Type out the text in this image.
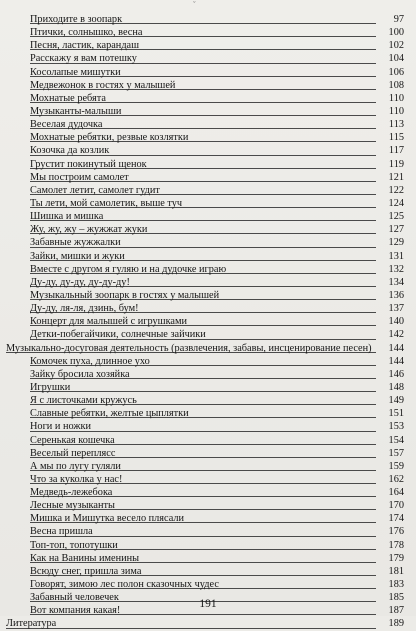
ˇ
Приходите в зоопарк	97
Птички, солнышко, весна	100
Песня, ластик, карандаш	102
Расскажу я вам потешку	104
Косолапые мишутки	106
Медвежонок в гостях у малышей	108
Мохнатые ребята	110
Музыканты-малыши	110
Веселая дудочка	113
Мохнатые ребятки, резвые козлятки	115
Козочка да козлик	117
Грустит покинутый щенок	119
Мы построим самолет	121
Самолет летит, самолет гудит	122
Ты лети, мой самолетик, выше туч	124
Шишка и мишка	125
Жу, жу, жу – жужжат жуки	127
Забавные жужжалки	129
Зайки, мишки и жуки	131
Вместе с другом я гуляю и на дудочке играю	132
Ду-ду, ду-ду, ду-ду-ду!	134
Музыкальный зоопарк в гостях у малышей	136
Ду-ду, ля-ля, дзинь, бум!	137
Концерт для малышей с игрушками	140
Детки-побегайчики, солнечные зайчики	142
Музыкально-досуговая деятельность (развлечения, забавы, инсценирование песен) 144
Комочек пуха, длинное ухо	144
Зайку бросила хозяйка	146
Игрушки	148
Я с листочками кружусь	149
Славные ребятки, желтые цыплятки	151
Ноги и ножки	153
Серенькая кошечка	154
Веселый переплясс	157
А мы по лугу гуляли	159
Что за куколка у нас!	162
Медведь-лежебока	164
Лесные музыканты	170
Мишка и Мишутка весело плясали	174
Весна пришла	176
Топ-топ, топотушки	178
Как на Ванины именины	179
Всюду снег, пришла зима	181
Говорят, зимою лес полон сказочных чудес	183
Забавный человечек	185
Вот компания какая!	187
Литература	189
191
